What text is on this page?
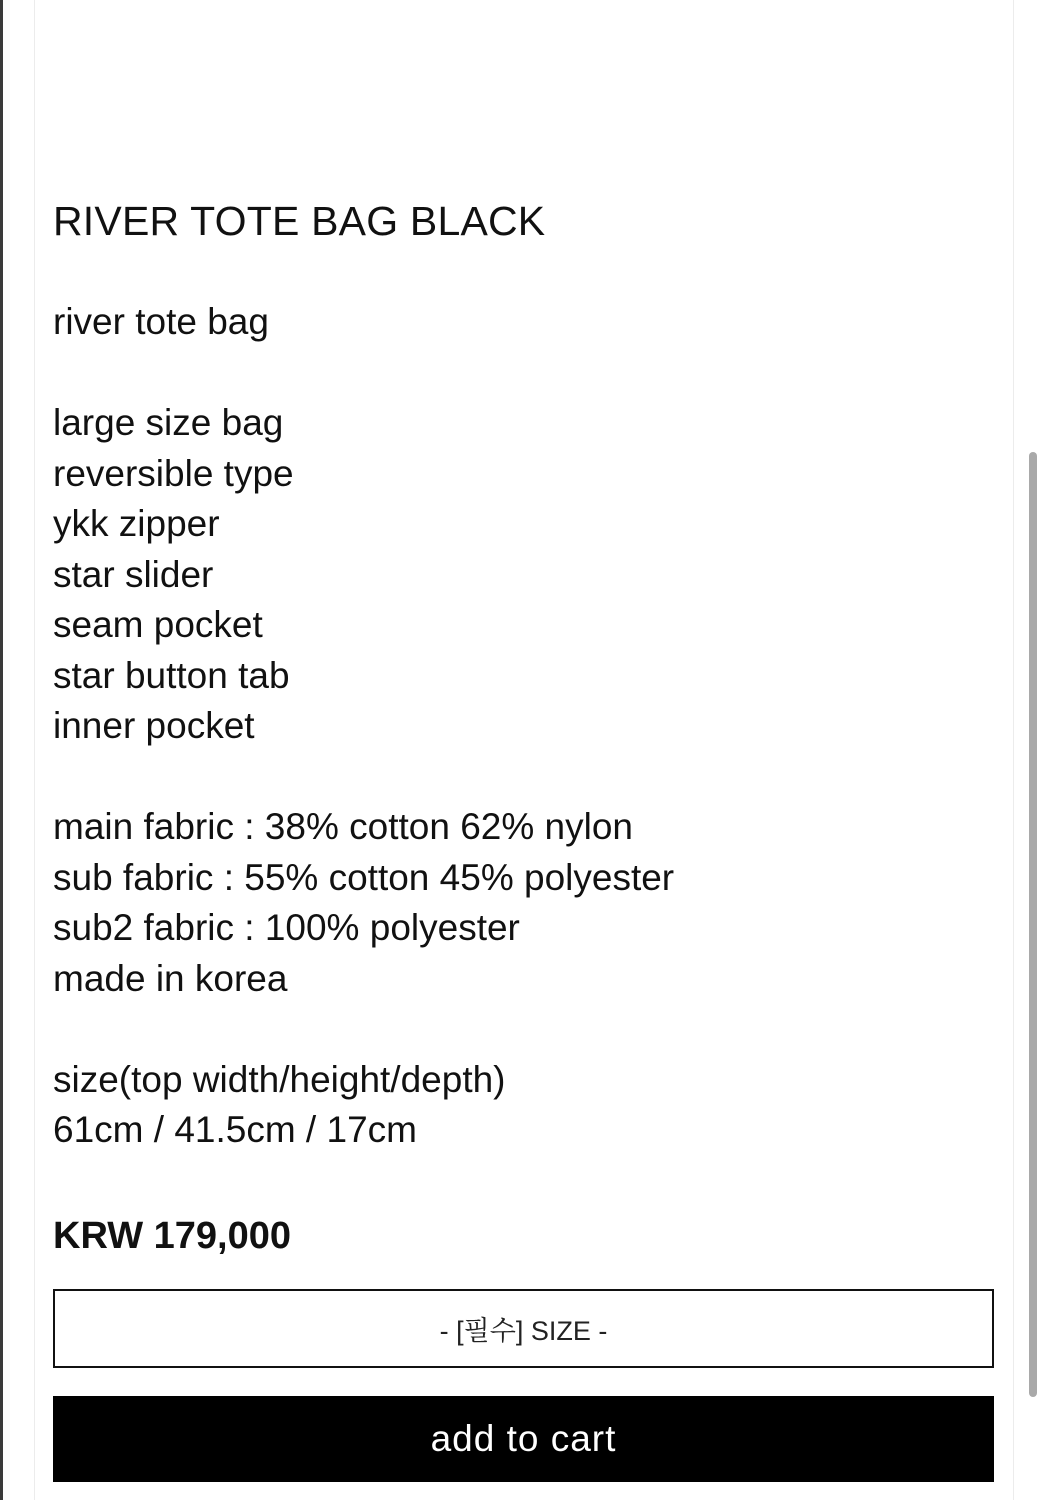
RIVER TOTE BAG BLACK
river tote bag
large size bag
reversible type
ykk zipper
star slider
seam pocket
star button tab
inner pocket
main fabric : 38% cotton 62% nylon
sub fabric : 55% cotton 45% polyester
sub2 fabric : 100% polyester
made in korea
size(top width/height/depth)
61cm / 41.5cm / 17cm
KRW 179,000
- [필수] SIZE -
add to cart
